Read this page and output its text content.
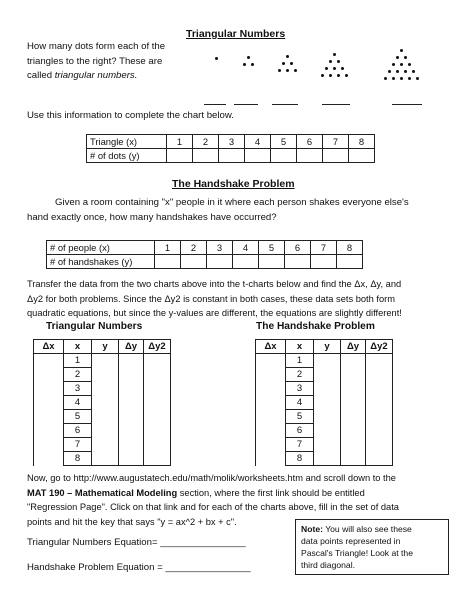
Triangular Numbers
How many dots form each of the
triangles to the right? These are
called triangular numbers.
Use this information to complete the chart below.
Triangle (x)	1	2	3	4	5	6	7	8
# of dots (y)								
The Handshake Problem
Given a room containing "x" people in it where each person shakes everyone else's
hand exactly once, how many handshakes have occurred?
# of people (x)	1	2	3	4	5	6	7	8
# of handshakes (y)								
Transfer the data from the two charts above into the t-charts below and find the Δx, Δy, and
Δy2 for both problems. Since the Δy2 is constant in both cases, these data sets both form
quadratic equations, but since the y-values are different, the equations are slightly different!
Triangular Numbers	The Handshake Problem
Δx	x	y	Δy	Δy2
	1			
	2			
	3			
	4			
	5			
	6			
	7			
	8			
Δx	x	y	Δy	Δy2
	1			
	2			
	3			
	4			
	5			
	6			
	7			
	8			
Now, go to http://www.augustatech.edu/math/molik/worksheets.htm and scroll down to the
MAT 190 – Mathematical Modeling section, where the first link should be entitled
"Regression Page". Click on that link and for each of the charts above, fill in the set of data
points and hit the key that says "y = ax^2 + bx + c".
Triangular Numbers Equation= ________________
Handshake Problem Equation = ________________
Note: You will also see these
data points represented in
Pascal's Triangle! Look at the
third diagonal.
